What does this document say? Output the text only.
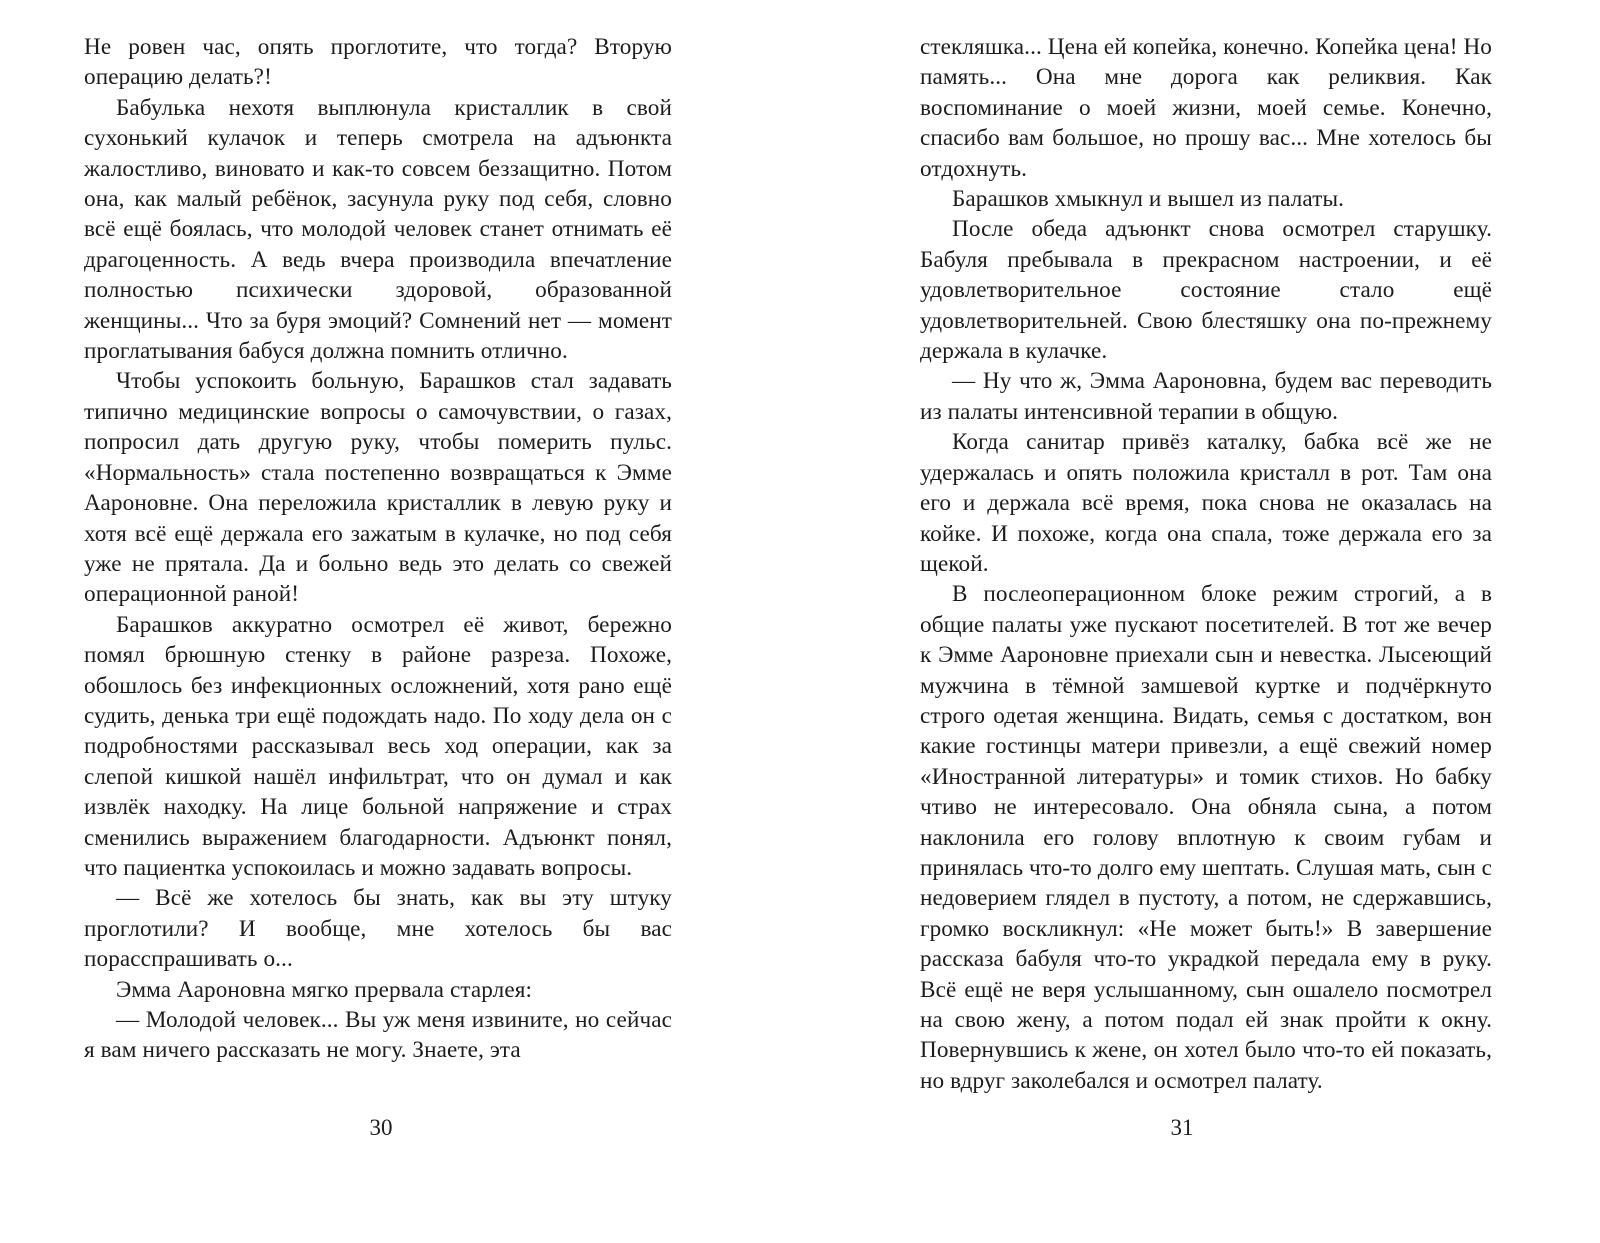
Не ровен час, опять проглотите, что тогда? Вторую операцию делать?!

Бабулька нехотя выплюнула кристаллик в свой сухонький кулачок и теперь смотрела на адъюнкта жалостливо, виновато и как-то совсем беззащитно. Потом она, как малый ребёнок, засунула руку под себя, словно всё ещё боялась, что молодой человек станет отнимать её драгоценность. А ведь вчера производила впечатление полностью психически здоровой, образованной женщины... Что за буря эмоций? Сомнений нет — момент проглатывания бабуся должна помнить отлично.

Чтобы успокоить больную, Барашков стал задавать типично медицинские вопросы о самочувствии, о газах, попросил дать другую руку, чтобы померить пульс. «Нормальность» стала постепенно возвращаться к Эмме Аароновне. Она переложила кристаллик в левую руку и хотя всё ещё держала его зажатым в кулачке, но под себя уже не прятала. Да и больно ведь это делать со свежей операционной раной!

Барашков аккуратно осмотрел её живот, бережно помял брюшную стенку в районе разреза. Похоже, обошлось без инфекционных осложнений, хотя рано ещё судить, денька три ещё подождать надо. По ходу дела он с подробностями рассказывал весь ход операции, как за слепой кишкой нашёл инфильтрат, что он думал и как извлёк находку. На лице больной напряжение и страх сменились выражением благодарности. Адъюнкт понял, что пациентка успокоилась и можно задавать вопросы.

— Всё же хотелось бы знать, как вы эту штуку проглотили? И вообще, мне хотелось бы вас порасспрашивать о...

Эмма Аароновна мягко прервала старлея:

— Молодой человек... Вы уж меня извините, но сейчас я вам ничего рассказать не могу. Знаете, эта

30

стекляшка... Цена ей копейка, конечно. Копейка цена! Но память... Она мне дорога как реликвия. Как воспоминание о моей жизни, моей семье. Конечно, спасибо вам большое, но прошу вас... Мне хотелось бы отдохнуть.

Барашков хмыкнул и вышел из палаты.

После обеда адъюнкт снова осмотрел старушку. Бабуля пребывала в прекрасном настроении, и её удовлетворительное состояние стало ещё удовлетворительней. Свою блестяшку она по-прежнему держала в кулачке.

— Ну что ж, Эмма Аароновна, будем вас переводить из палаты интенсивной терапии в общую.

Когда санитар привёз каталку, бабка всё же не удержалась и опять положила кристалл в рот. Там она его и держала всё время, пока снова не оказалась на койке. И похоже, когда она спала, тоже держала его за щекой.

В послеоперационном блоке режим строгий, а в общие палаты уже пускают посетителей. В тот же вечер к Эмме Аароновне приехали сын и невестка. Лысеющий мужчина в тёмной замшевой куртке и подчёркнуто строго одетая женщина. Видать, семья с достатком, вон какие гостинцы матери привезли, а ещё свежий номер «Иностранной литературы» и томик стихов. Но бабку чтиво не интересовало. Она обняла сына, а потом наклонила его голову вплотную к своим губам и принялась что-то долго ему шептать. Слушая мать, сын с недоверием глядел в пустоту, а потом, не сдержавшись, громко воскликнул: «Не может быть!» В завершение рассказа бабуля что-то украдкой передала ему в руку. Всё ещё не веря услышанному, сын ошалело посмотрел на свою жену, а потом подал ей знак пройти к окну. Повернувшись к жене, он хотел было что-то ей показать, но вдруг заколебался и осмотрел палату.

31
